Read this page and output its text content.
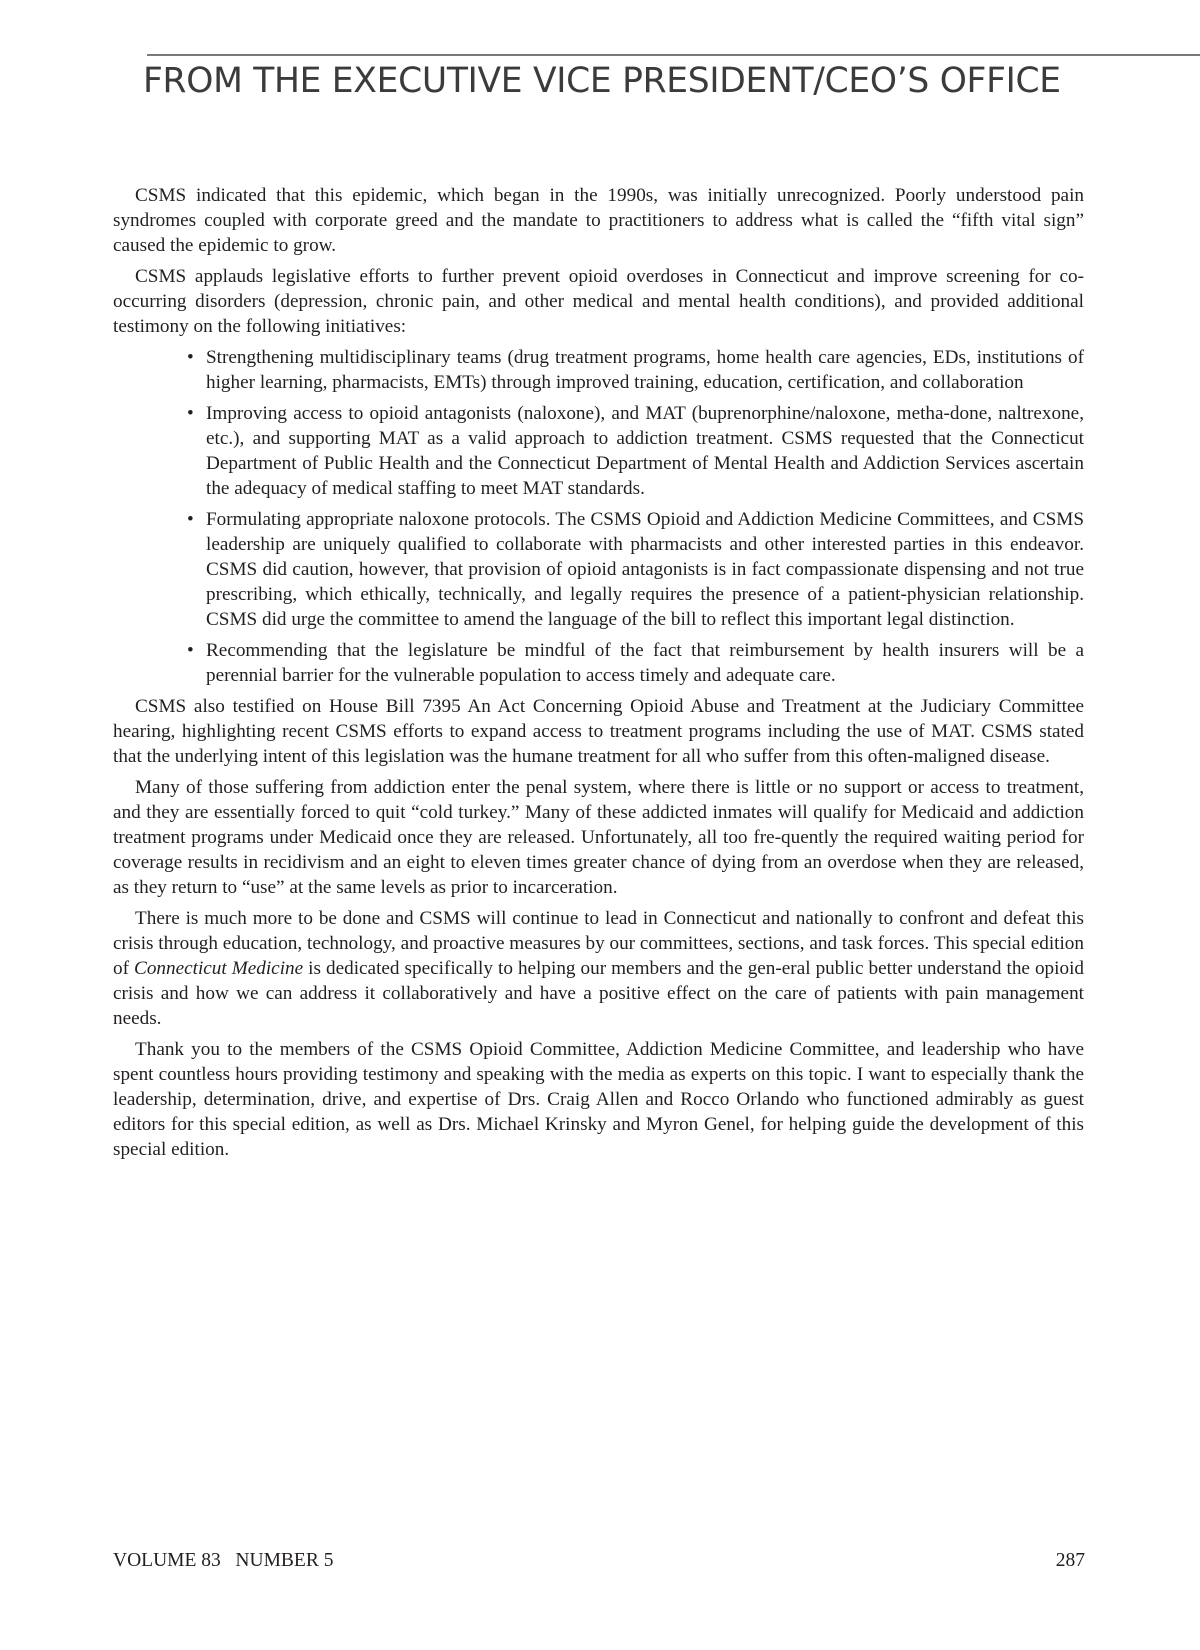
FROM THE EXECUTIVE VICE PRESIDENT/CEO’S OFFICE

CSMS indicated that this epidemic, which began in the 1990s, was initially unrecognized. Poorly understood pain syndromes coupled with corporate greed and the mandate to practitioners to address what is called the “fifth vital sign” caused the epidemic to grow.

CSMS applauds legislative efforts to further prevent opioid overdoses in Connecticut and improve screening for co-occurring disorders (depression, chronic pain, and other medical and mental health conditions), and provided additional testimony on the following initiatives:

• Strengthening multidisciplinary teams (drug treatment programs, home health care agencies, EDs, institutions of higher learning, pharmacists, EMTs) through improved training, education, certification, and collaboration
• Improving access to opioid antagonists (naloxone), and MAT (buprenorphine/naloxone, metha-done, naltrexone, etc.), and supporting MAT as a valid approach to addiction treatment. CSMS requested that the Connecticut Department of Public Health and the Connecticut Department of Mental Health and Addiction Services ascertain the adequacy of medical staffing to meet MAT standards.
• Formulating appropriate naloxone protocols. The CSMS Opioid and Addiction Medicine Committees, and CSMS leadership are uniquely qualified to collaborate with pharmacists and other interested parties in this endeavor. CSMS did caution, however, that provision of opioid antagonists is in fact compassionate dispensing and not true prescribing, which ethically, technically, and legally requires the presence of a patient-physician relationship. CSMS did urge the committee to amend the language of the bill to reflect this important legal distinction.
• Recommending that the legislature be mindful of the fact that reimbursement by health insurers will be a perennial barrier for the vulnerable population to access timely and adequate care.

CSMS also testified on House Bill 7395 An Act Concerning Opioid Abuse and Treatment at the Judiciary Committee hearing, highlighting recent CSMS efforts to expand access to treatment programs including the use of MAT. CSMS stated that the underlying intent of this legislation was the humane treatment for all who suffer from this often-maligned disease.

Many of those suffering from addiction enter the penal system, where there is little or no support or access to treatment, and they are essentially forced to quit “cold turkey.” Many of these addicted inmates will qualify for Medicaid and addiction treatment programs under Medicaid once they are released. Unfortunately, all too fre-quently the required waiting period for coverage results in recidivism and an eight to eleven times greater chance of dying from an overdose when they are released, as they return to “use” at the same levels as prior to incarceration.

There is much more to be done and CSMS will continue to lead in Connecticut and nationally to confront and defeat this crisis through education, technology, and proactive measures by our committees, sections, and task forces. This special edition of Connecticut Medicine is dedicated specifically to helping our members and the gen-eral public better understand the opioid crisis and how we can address it collaboratively and have a positive effect on the care of patients with pain management needs.

Thank you to the members of the CSMS Opioid Committee, Addiction Medicine Committee, and leadership who have spent countless hours providing testimony and speaking with the media as experts on this topic. I want to especially thank the leadership, determination, drive, and expertise of Drs. Craig Allen and Rocco Orlando who functioned admirably as guest editors for this special edition, as well as Drs. Michael Krinsky and Myron Genel, for helping guide the development of this special edition.

VOLUME 83   NUMBER 5	287
